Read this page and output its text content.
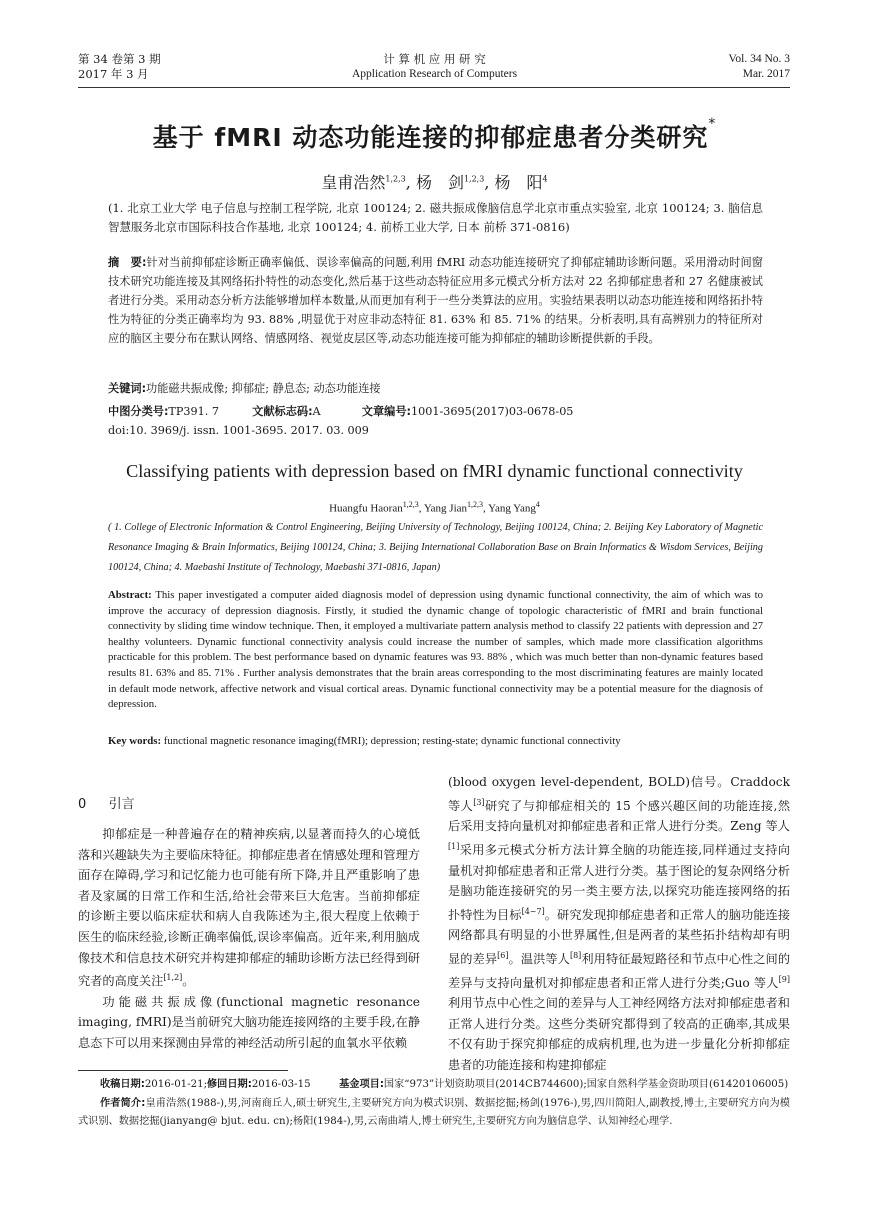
第 34 卷第 3 期
2017 年 3 月
计 算 机 应 用 研 究
Application Research of Computers
Vol. 34 No. 3
Mar. 2017
基于 fMRI 动态功能连接的抑郁症患者分类研究*
皇甫浩然$^{1,2,3}$, 杨　剑$^{1,2,3}$, 杨　阳$^4$
(1. 北京工业大学 电子信息与控制工程学院, 北京 100124; 2. 磁共振成像脑信息学北京市重点实验室, 北京 100124; 3. 脑信息智慧服务北京市国际科技合作基地, 北京 100124; 4. 前桥工业大学, 日本 前桥 371-0816)
摘　要:针对当前抑郁症诊断正确率偏低、误诊率偏高的问题,利用 fMRI 动态功能连接研究了抑郁症辅助诊断问题。采用滑动时间窗技术研究功能连接及其网络拓扑特性的动态变化,然后基于这些动态特征应用多元模式分析方法对 22 名抑郁症患者和 27 名健康被试者进行分类。采用动态分析方法能够增加样本数量,从而更加有利于一些分类算法的应用。实验结果表明以动态功能连接和网络拓扑特性为特征的分类正确率均为 93. 88% ,明显优于对应非动态特征 81. 63% 和 85. 71% 的结果。分析表明,具有高辨别力的特征所对应的脑区主要分布在默认网络、情感网络、视觉皮层区等,动态功能连接可能为抑郁症的辅助诊断提供新的手段。
关键词:功能磁共振成像; 抑郁症; 静息态; 动态功能连接
中图分类号:TP391. 7	文献标志码:A	文章编号:1001-3695(2017)03-0678-05
doi:10. 3969/j. issn. 1001-3695. 2017. 03. 009
Classifying patients with depression based on fMRI dynamic functional connectivity
Huangfu Haoran$^{1,2,3}$, Yang Jian$^{1,2,3}$, Yang Yang$^4$
( 1. College of Electronic Information & Control Engineering, Beijing University of Technology, Beijing 100124, China; 2. Beijing Key Laboratory of Magnetic Resonance Imaging & Brain Informatics, Beijing 100124, China; 3. Beijing International Collaboration Base on Brain Informatics & Wisdom Services, Beijing 100124, China; 4. Maebashi Institute of Technology, Maebashi 371-0816, Japan)
Abstract: This paper investigated a computer aided diagnosis model of depression using dynamic functional connectivity, the aim of which was to improve the accuracy of depression diagnosis. Firstly, it studied the dynamic change of topologic characteristic of fMRI and brain functional connectivity by sliding time window technique. Then, it employed a multivariate pattern analysis method to classify 22 patients with depression and 27 healthy volunteers. Dynamic functional connectivity analysis could increase the number of samples, which made more classification algorithms practicable for this problem. The best performance based on dynamic features was 93. 88% , which was much better than non-dynamic features based results 81. 63% and 85. 71% . Further analysis demonstrates that the brain areas corresponding to the most discriminating features are mainly located in default mode network, affective network and visual cortical areas. Dynamic functional connectivity may be a potential measure for the diagnosis of depression.
Key words: functional magnetic resonance imaging(fMRI); depression; resting-state; dynamic functional connectivity
0 引言

抑郁症是一种普遍存在的精神疾病,以显著而持久的心境低落和兴趣缺失为主要临床特征。抑郁症患者在情感处理和管理方面存在障碍,学习和记忆能力也可能有所下降,并且严重影响了患者及家属的日常工作和生活,给社会带来巨大危害。当前抑郁症的诊断主要以临床症状和病人自我陈述为主,很大程度上依赖于医生的临床经验,诊断正确率偏低,误诊率偏高。近年来,利用脑成像技术和信息技术研究并构建抑郁症的辅助诊断方法已经得到研究者的高度关注[1,2]。

功能磁共振成像(functional magnetic resonance imaging, fMRI)是当前研究大脑功能连接网络的主要手段,在静息态下可以用来探测由异常的神经活动所引起的血氧水平依赖

(blood oxygen level-dependent, BOLD)信号。Craddock 等人[3]研究了与抑郁症相关的 15 个感兴趣区间的功能连接,然后采用支持向量机对抑郁症患者和正常人进行分类。Zeng 等人[1]采用多元模式分析方法计算全脑的功能连接,同样通过支持向量机对抑郁症患者和正常人进行分类。基于图论的复杂网络分析是脑功能连接研究的另一类主要方法,以探究功能连接网络的拓扑特性为目标[4~7]。研究发现抑郁症患者和正常人的脑功能连接网络都具有明显的小世界属性,但是两者的某些拓扑结构却有明显的差异[6]。温洪等人[8]利用特征最短路径和节点中心性之间的差异与支持向量机对抑郁症患者和正常人进行分类;Guo 等人[9]利用节点中心性之间的差异与人工神经网络方法对抑郁症患者和正常人进行分类。这些分类研究都得到了较高的正确率,其成果不仅有助于探究抑郁症的成病机理,也为进一步量化分析抑郁症患者的功能连接和构建抑郁症

收稿日期:2016-01-21;修回日期:2016-03-15	基金项目:国家“973”计划资助项目(2014CB744600);国家自然科学基金资助项目(61420106005)
作者简介:皇甫浩然(1988-),男,河南商丘人,硕士研究生,主要研究方向为模式识别、数据挖掘;杨剑(1976-),男,四川简阳人,副教授,博士,主要研究方向为模式识别、数据挖掘(jianyang@ bjut. edu. cn);杨阳(1984-),男,云南曲靖人,博士研究生,主要研究方向为脑信息学、认知神经心理学.
